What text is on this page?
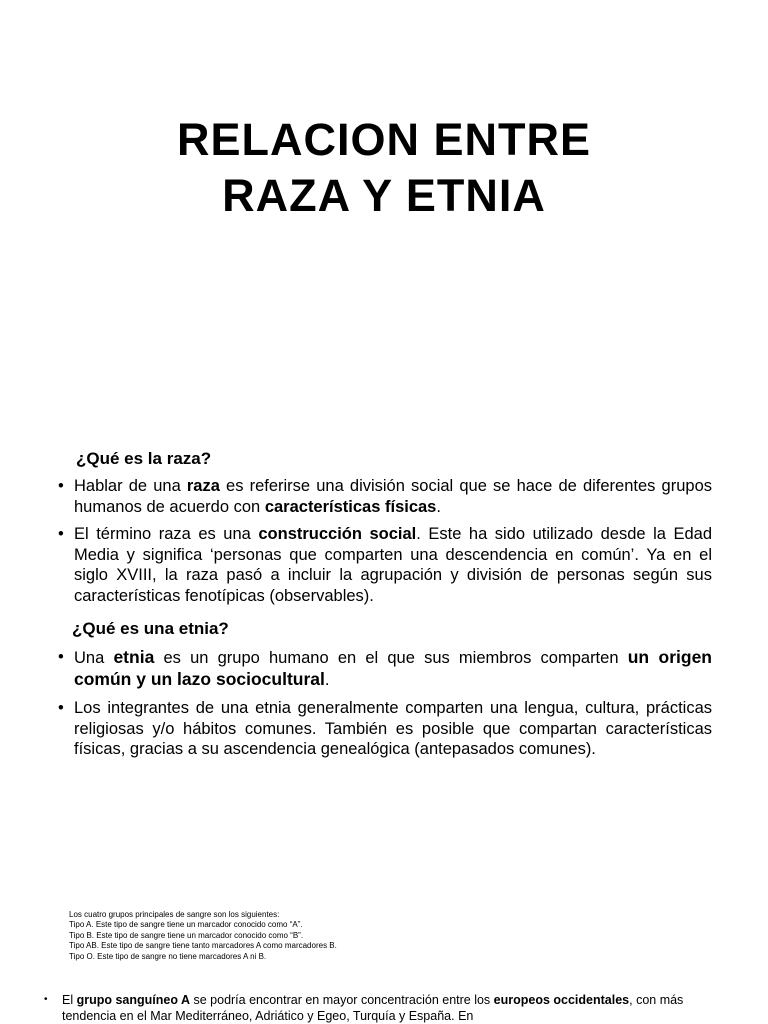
RELACION ENTRE
RAZA Y ETNIA
¿Qué es la raza?
• Hablar de una raza es referirse una división social que se hace de diferentes grupos humanos de acuerdo con características físicas.
• El término raza es una construcción social. Este ha sido utilizado desde la Edad Media y significa ‘personas que comparten una descendencia en común’. Ya en el siglo XVIII, la raza pasó a incluir la agrupación y división de personas según sus características fenotípicas (observables).
¿Qué es una etnia?
• Una etnia es un grupo humano en el que sus miembros comparten un origen común y un lazo sociocultural.
• Los integrantes de una etnia generalmente comparten una lengua, cultura, prácticas religiosas y/o hábitos comunes. También es posible que compartan características físicas, gracias a su ascendencia genealógica (antepasados comunes).
Los cuatro grupos principales de sangre son los siguientes:
Tipo A. Este tipo de sangre tiene un marcador conocido como “A”.
Tipo B. Este tipo de sangre tiene un marcador conocido como “B”.
Tipo AB. Este tipo de sangre tiene tanto marcadores A como marcadores B.
Tipo O. Este tipo de sangre no tiene marcadores A ni B.
•	El grupo sanguíneo A se podría encontrar en mayor concentración entre los europeos occidentales, con más tendencia en el Mar Mediterráneo, Adriático y Egeo, Turquía y España. En
